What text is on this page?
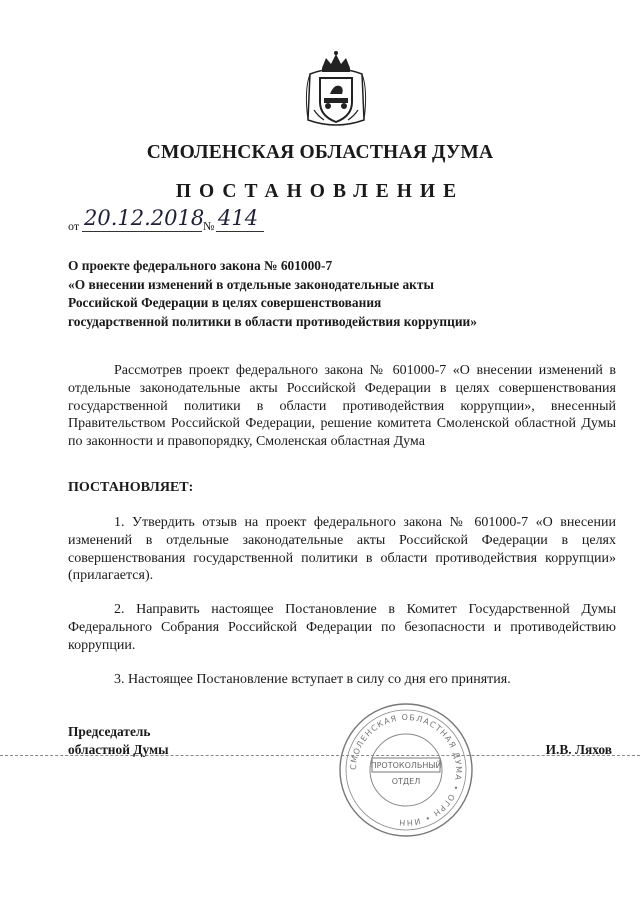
СМОЛЕНСКАЯ ОБЛАСТНАЯ ДУМА
ПОСТАНОВЛЕНИЕ
от 20.12.2018
№ 414
О проекте федерального закона № 601000-7
«О внесении изменений в отдельные законодательные акты
Российской Федерации в целях совершенствования
государственной политики в области противодействия коррупции»
Рассмотрев проект федерального закона № 601000-7 «О внесении изменений в отдельные законодательные акты Российской Федерации в целях совершенствования государственной политики в области противодействия коррупции», внесенный Правительством Российской Федерации, решение комитета Смоленской областной Думы по законности и правопорядку, Смоленская областная Дума
ПОСТАНОВЛЯЕТ:
1. Утвердить отзыв на проект федерального закона № 601000-7 «О внесении изменений в отдельные законодательные акты Российской Федерации в целях совершенствования государственной политики в области противодействия коррупции» (прилагается).
2. Направить настоящее Постановление в Комитет Государственной Думы Федерального Собрания Российской Федерации по безопасности и противодействию коррупции.
3. Настоящее Постановление вступает в силу со дня его принятия.
Председатель
областной Думы	И.В. Ляхов
СМОЛЕНСКАЯ ОБЛАСТНАЯ ДУМА • ОГРН • ИНН
ПРОТОКОЛЬНЫЙ
ОТДЕЛ
